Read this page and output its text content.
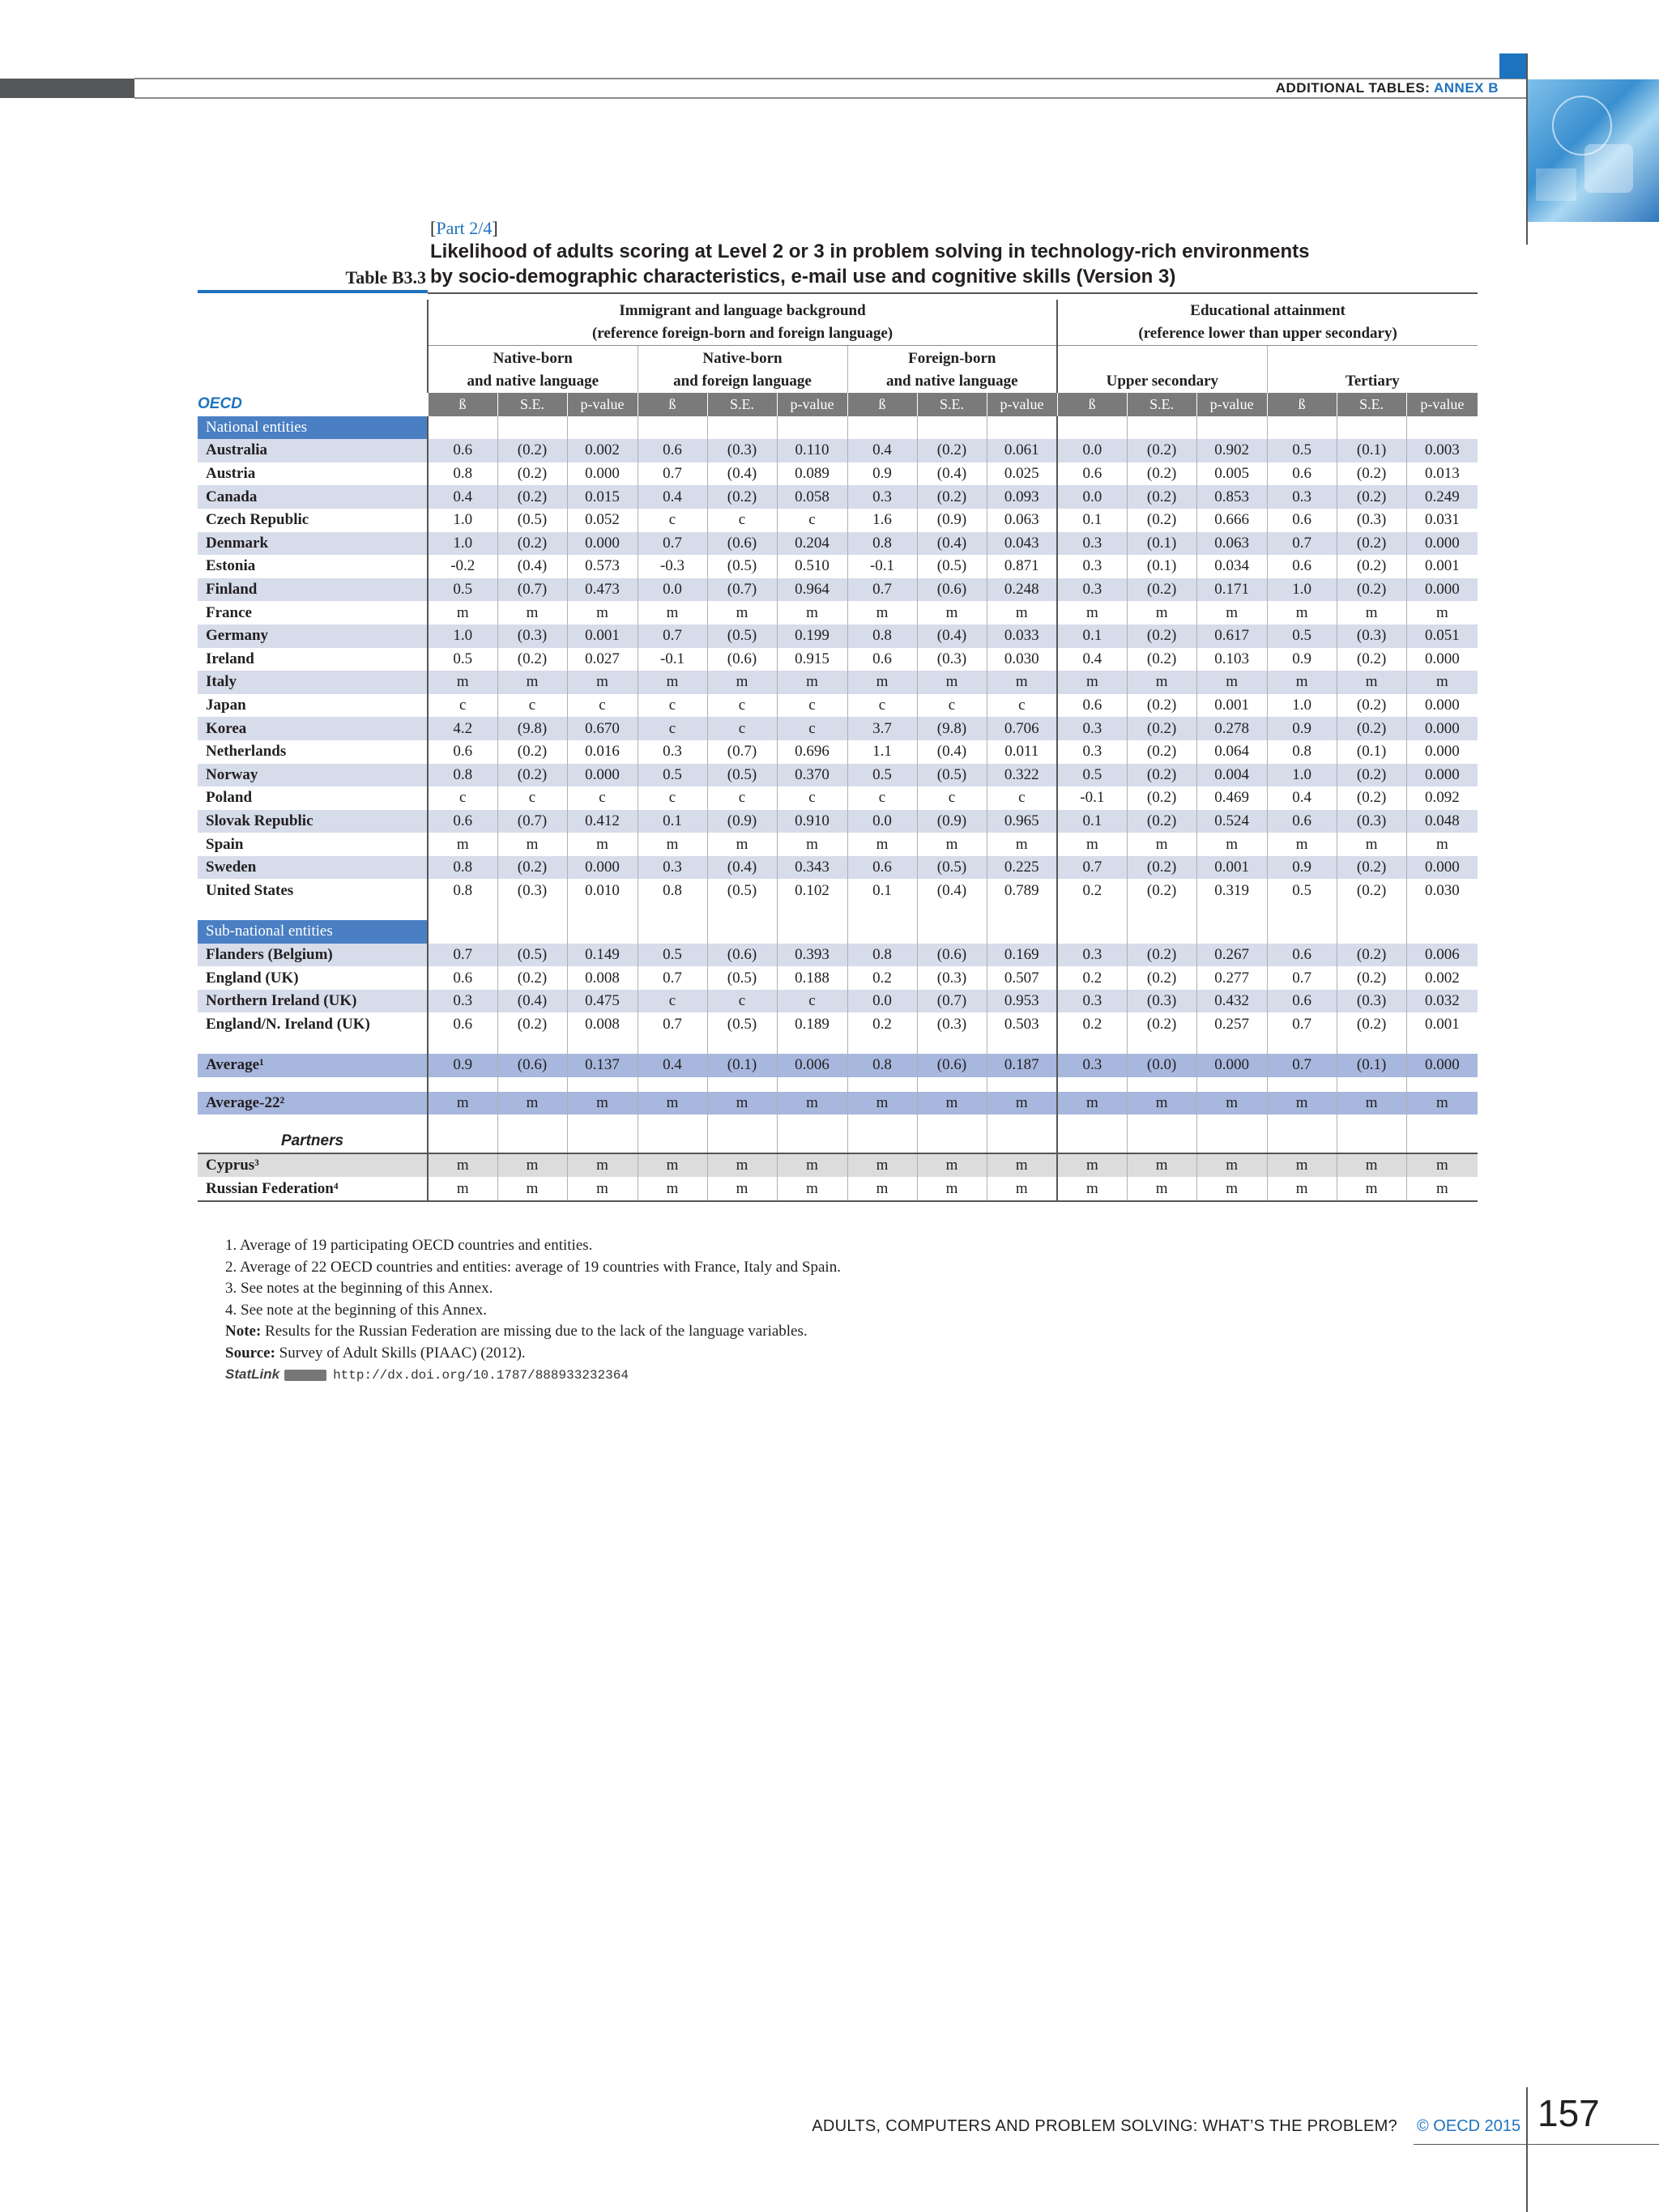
ADDITIONAL TABLES: ANNEX B
[Part 2/4]
Likelihood of adults scoring at Level 2 or 3 in problem solving in technology-rich environments
Table B3.3 by socio-demographic characteristics, e-mail use and cognitive skills (Version 3)
	Immigrant and language background
(reference foreign-born and foreign language)									Educational attainment
(reference lower than upper secondary)					
	Native-born
and native language			Native-born
and foreign language			Foreign-born
and native language			Upper secondary			Tertiary		
OECD	ß	S.E.	p-value	ß	S.E.	p-value	ß	S.E.	p-value	ß	S.E.	p-value	ß	S.E.	p-value
National entities															
Australia	0.6	(0.2)	0.002	0.6	(0.3)	0.110	0.4	(0.2)	0.061	0.0	(0.2)	0.902	0.5	(0.1)	0.003
Austria	0.8	(0.2)	0.000	0.7	(0.4)	0.089	0.9	(0.4)	0.025	0.6	(0.2)	0.005	0.6	(0.2)	0.013
Canada	0.4	(0.2)	0.015	0.4	(0.2)	0.058	0.3	(0.2)	0.093	0.0	(0.2)	0.853	0.3	(0.2)	0.249
Czech Republic	1.0	(0.5)	0.052	c	c	c	1.6	(0.9)	0.063	0.1	(0.2)	0.666	0.6	(0.3)	0.031
Denmark	1.0	(0.2)	0.000	0.7	(0.6)	0.204	0.8	(0.4)	0.043	0.3	(0.1)	0.063	0.7	(0.2)	0.000
Estonia	-0.2	(0.4)	0.573	-0.3	(0.5)	0.510	-0.1	(0.5)	0.871	0.3	(0.1)	0.034	0.6	(0.2)	0.001
Finland	0.5	(0.7)	0.473	0.0	(0.7)	0.964	0.7	(0.6)	0.248	0.3	(0.2)	0.171	1.0	(0.2)	0.000
France	m	m	m	m	m	m	m	m	m	m	m	m	m	m	m
Germany	1.0	(0.3)	0.001	0.7	(0.5)	0.199	0.8	(0.4)	0.033	0.1	(0.2)	0.617	0.5	(0.3)	0.051
Ireland	0.5	(0.2)	0.027	-0.1	(0.6)	0.915	0.6	(0.3)	0.030	0.4	(0.2)	0.103	0.9	(0.2)	0.000
Italy	m	m	m	m	m	m	m	m	m	m	m	m	m	m	m
Japan	c	c	c	c	c	c	c	c	c	0.6	(0.2)	0.001	1.0	(0.2)	0.000
Korea	4.2	(9.8)	0.670	c	c	c	3.7	(9.8)	0.706	0.3	(0.2)	0.278	0.9	(0.2)	0.000
Netherlands	0.6	(0.2)	0.016	0.3	(0.7)	0.696	1.1	(0.4)	0.011	0.3	(0.2)	0.064	0.8	(0.1)	0.000
Norway	0.8	(0.2)	0.000	0.5	(0.5)	0.370	0.5	(0.5)	0.322	0.5	(0.2)	0.004	1.0	(0.2)	0.000
Poland	c	c	c	c	c	c	c	c	c	-0.1	(0.2)	0.469	0.4	(0.2)	0.092
Slovak Republic	0.6	(0.7)	0.412	0.1	(0.9)	0.910	0.0	(0.9)	0.965	0.1	(0.2)	0.524	0.6	(0.3)	0.048
Spain	m	m	m	m	m	m	m	m	m	m	m	m	m	m	m
Sweden	0.8	(0.2)	0.000	0.3	(0.4)	0.343	0.6	(0.5)	0.225	0.7	(0.2)	0.001	0.9	(0.2)	0.000
United States	0.8	(0.3)	0.010	0.8	(0.5)	0.102	0.1	(0.4)	0.789	0.2	(0.2)	0.319	0.5	(0.2)	0.030

Sub-national entities															
Flanders (Belgium)	0.7	(0.5)	0.149	0.5	(0.6)	0.393	0.8	(0.6)	0.169	0.3	(0.2)	0.267	0.6	(0.2)	0.006
England (UK)	0.6	(0.2)	0.008	0.7	(0.5)	0.188	0.2	(0.3)	0.507	0.2	(0.2)	0.277	0.7	(0.2)	0.002
Northern Ireland (UK)	0.3	(0.4)	0.475	c	c	c	0.0	(0.7)	0.953	0.3	(0.3)	0.432	0.6	(0.3)	0.032
England/N. Ireland (UK)	0.6	(0.2)	0.008	0.7	(0.5)	0.189	0.2	(0.3)	0.503	0.2	(0.2)	0.257	0.7	(0.2)	0.001

Average¹	0.9	(0.6)	0.137	0.4	(0.1)	0.006	0.8	(0.6)	0.187	0.3	(0.0)	0.000	0.7	(0.1)	0.000

Average-22²	m	m	m	m	m	m	m	m	m	m	m	m	m	m	m

Partners															
Cyprus³	m	m	m	m	m	m	m	m	m	m	m	m	m	m	m
Russian Federation⁴	m	m	m	m	m	m	m	m	m	m	m	m	m	m	m
1. Average of 19 participating OECD countries and entities.
2. Average of 22 OECD countries and entities: average of 19 countries with France, Italy and Spain.
3. See notes at the beginning of this Annex.
4. See note at the beginning of this Annex.
Note: Results for the Russian Federation are missing due to the lack of the language variables.
Source: Survey of Adult Skills (PIAAC) (2012).
StatLink	http://dx.doi.org/10.1787/888933232364
ADULTS, COMPUTERS AND PROBLEM SOLVING: WHAT’S THE PROBLEM? © OECD 2015 157
